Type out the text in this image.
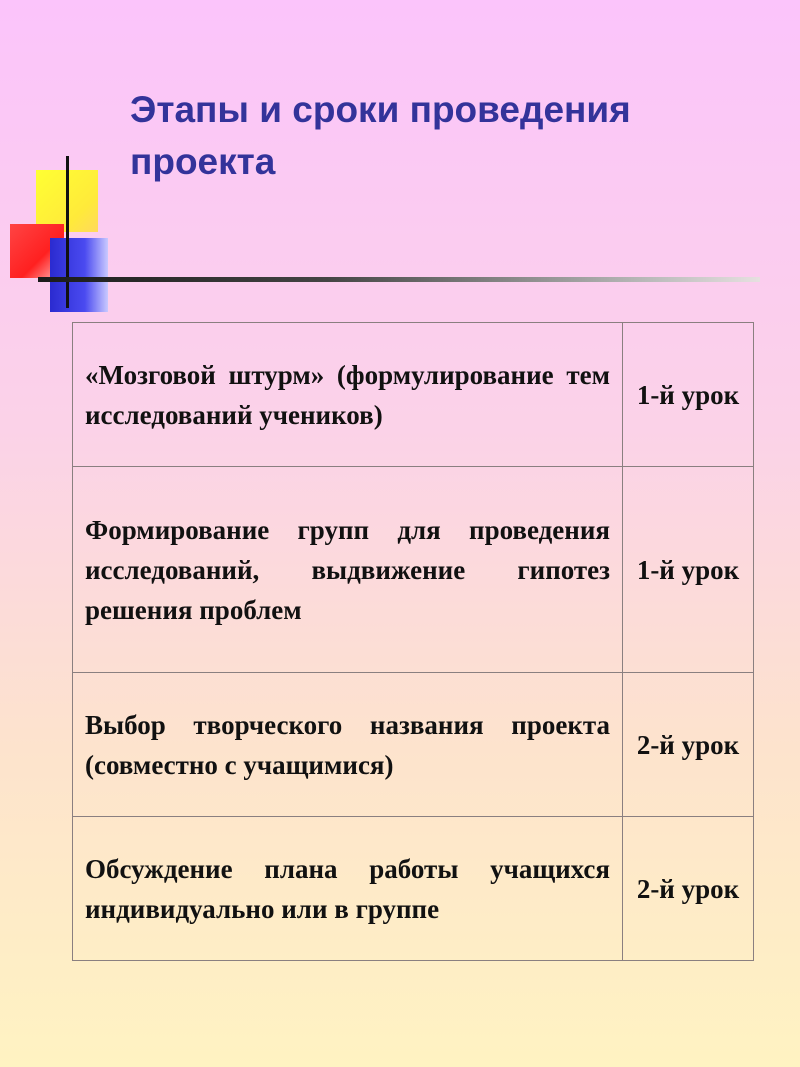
Этапы и сроки проведения проекта
«Мозговой штурм» (формулирование тем исследований учеников)	1-й урок
Формирование групп для проведения исследований, выдвижение гипотез решения проблем	1-й урок
Выбор творческого названия проекта (совместно с учащимися)	2-й урок
Обсуждение плана работы учащихся индивидуально или в группе	2-й урок
